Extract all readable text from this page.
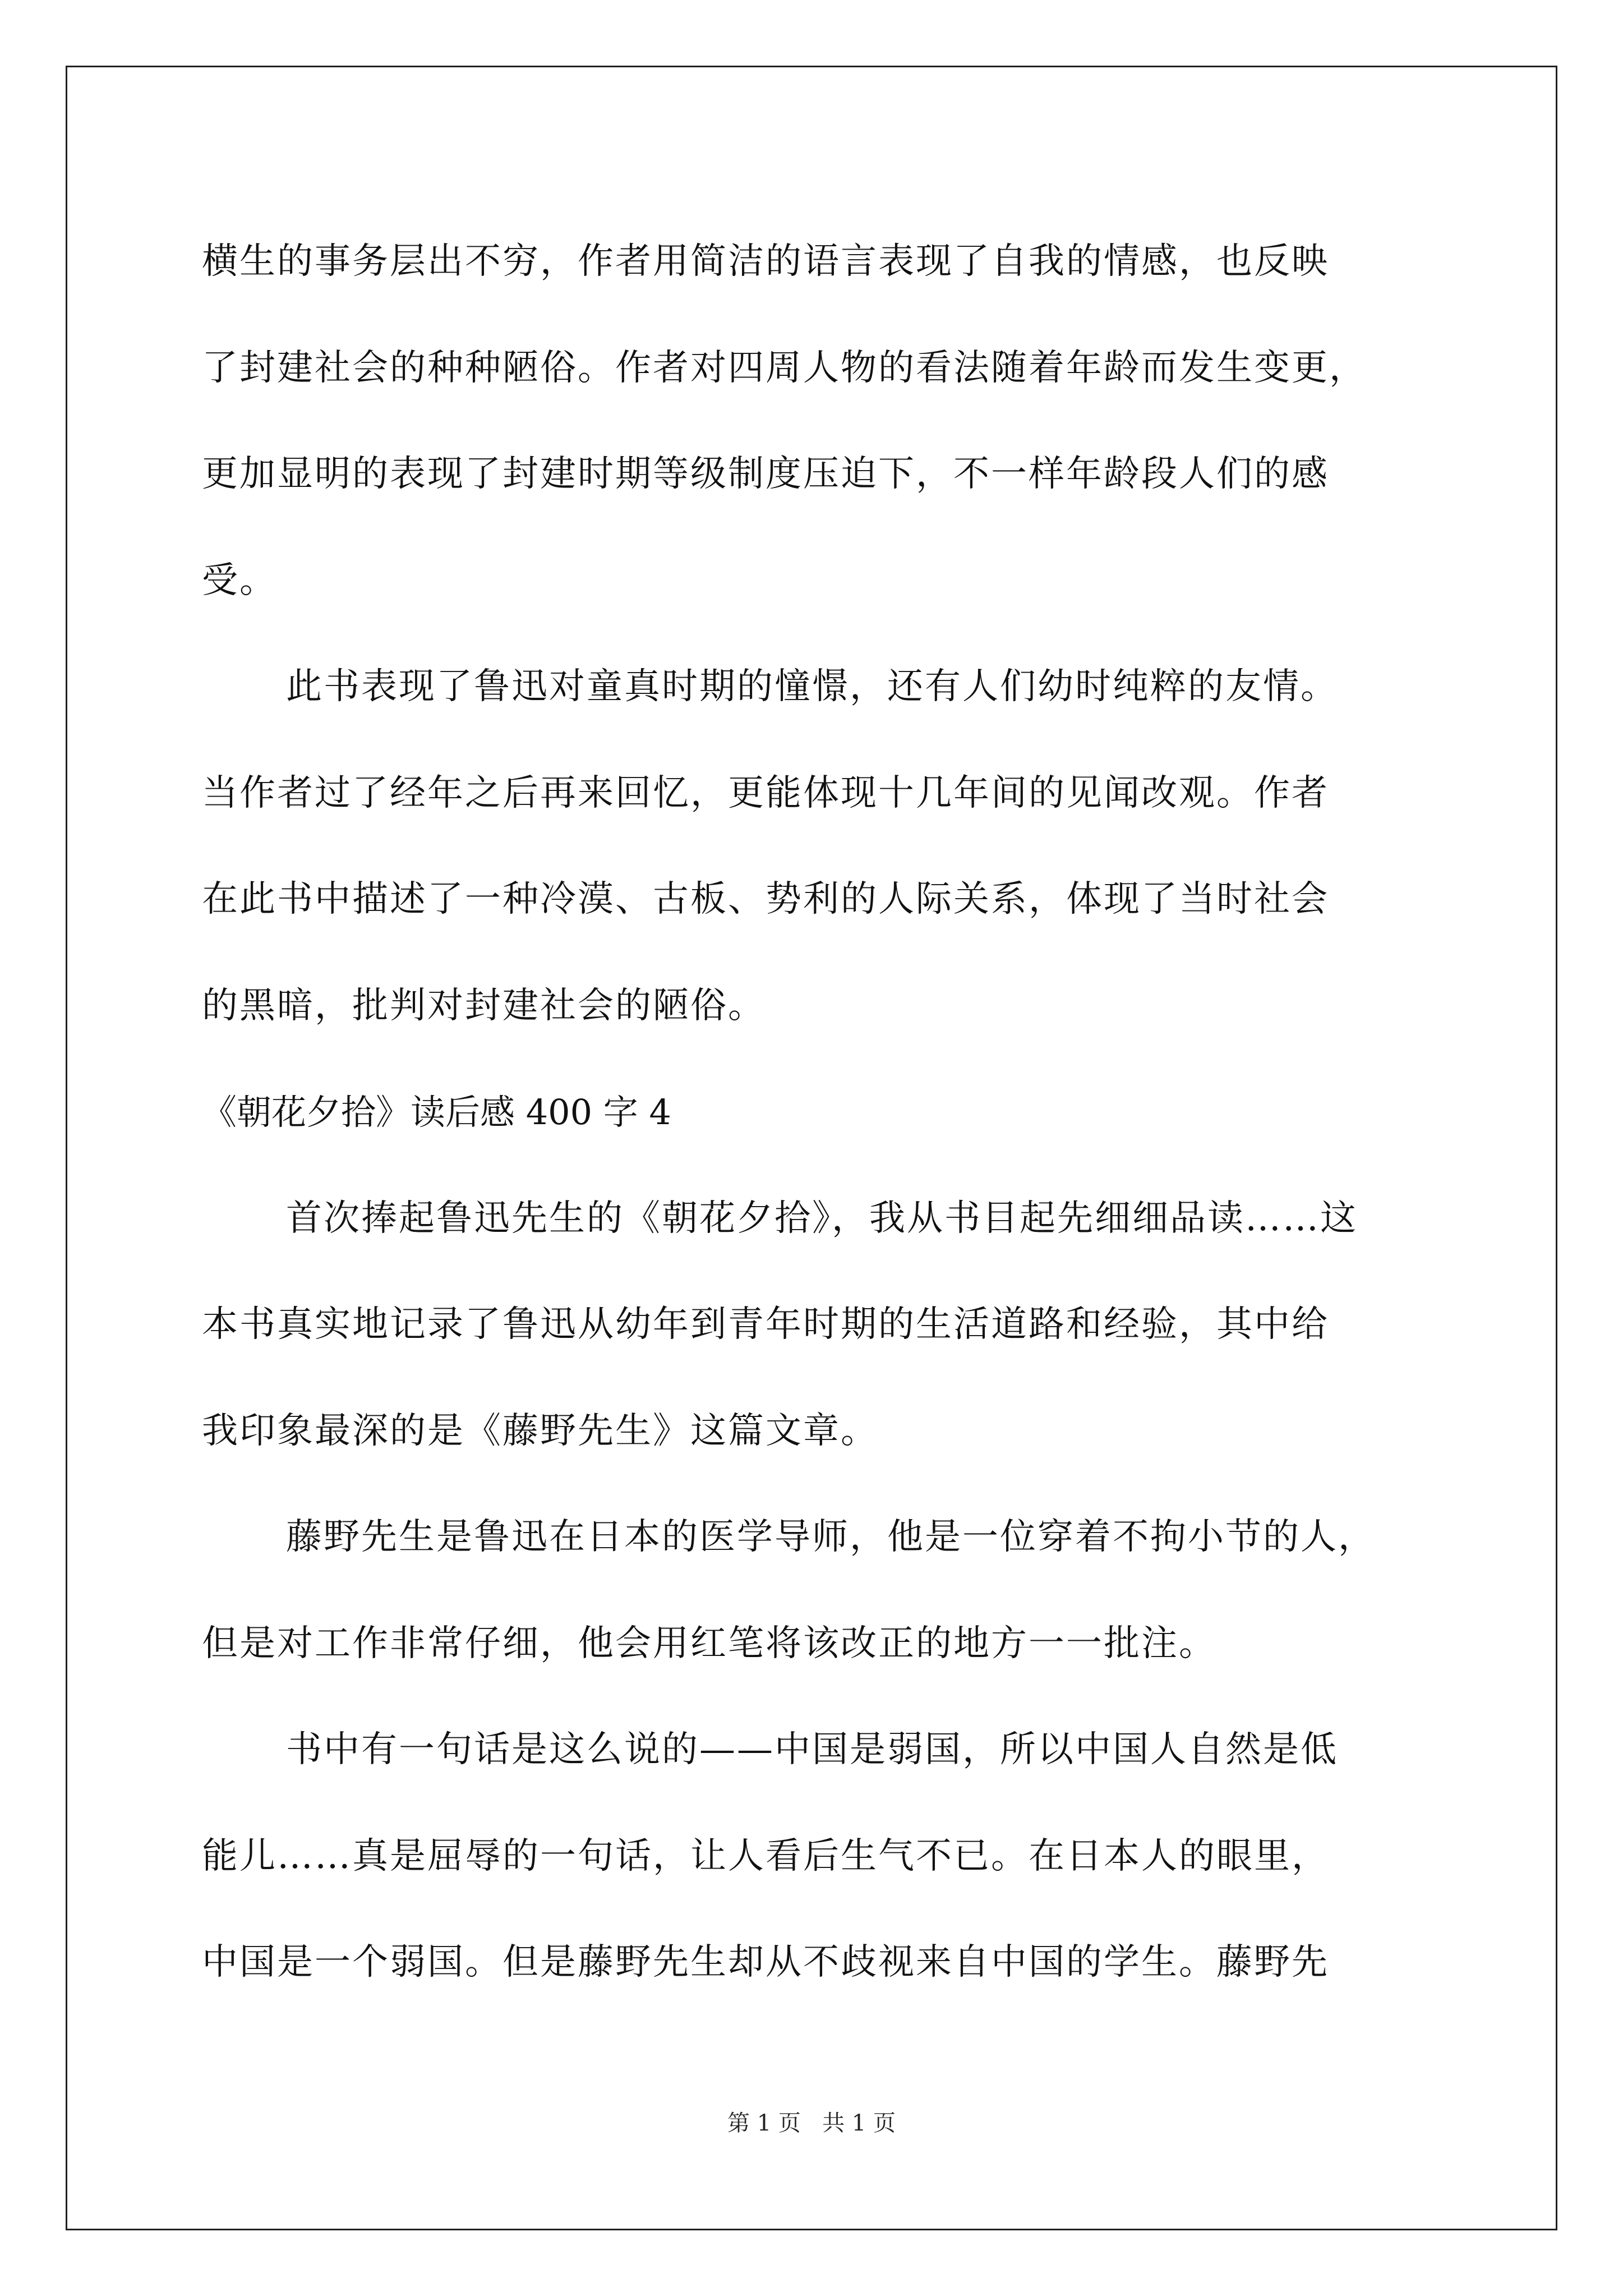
横生的事务层出不穷，作者用简洁的语言表现了自我的情感，也反映
了封建社会的种种陋俗。作者对四周人物的看法随着年龄而发生变更，
更加显明的表现了封建时期等级制度压迫下，不一样年龄段人们的感
受。
此书表现了鲁迅对童真时期的憧憬，还有人们幼时纯粹的友情。
当作者过了经年之后再来回忆，更能体现十几年间的见闻改观。作者
在此书中描述了一种冷漠、古板、势利的人际关系，体现了当时社会
的黑暗，批判对封建社会的陋俗。
《朝花夕拾》读后感 400 字 4
首次捧起鲁迅先生的《朝花夕拾》，我从书目起先细细品读……这
本书真实地记录了鲁迅从幼年到青年时期的生活道路和经验，其中给
我印象最深的是《藤野先生》这篇文章。
藤野先生是鲁迅在日本的医学导师，他是一位穿着不拘小节的人，
但是对工作非常仔细，他会用红笔将该改正的地方一一批注。
书中有一句话是这么说的——中国是弱国，所以中国人自然是低
能儿……真是屈辱的一句话，让人看后生气不已。在日本人的眼里，
中国是一个弱国。但是藤野先生却从不歧视来自中国的学生。藤野先
第 1 页 共 1 页
